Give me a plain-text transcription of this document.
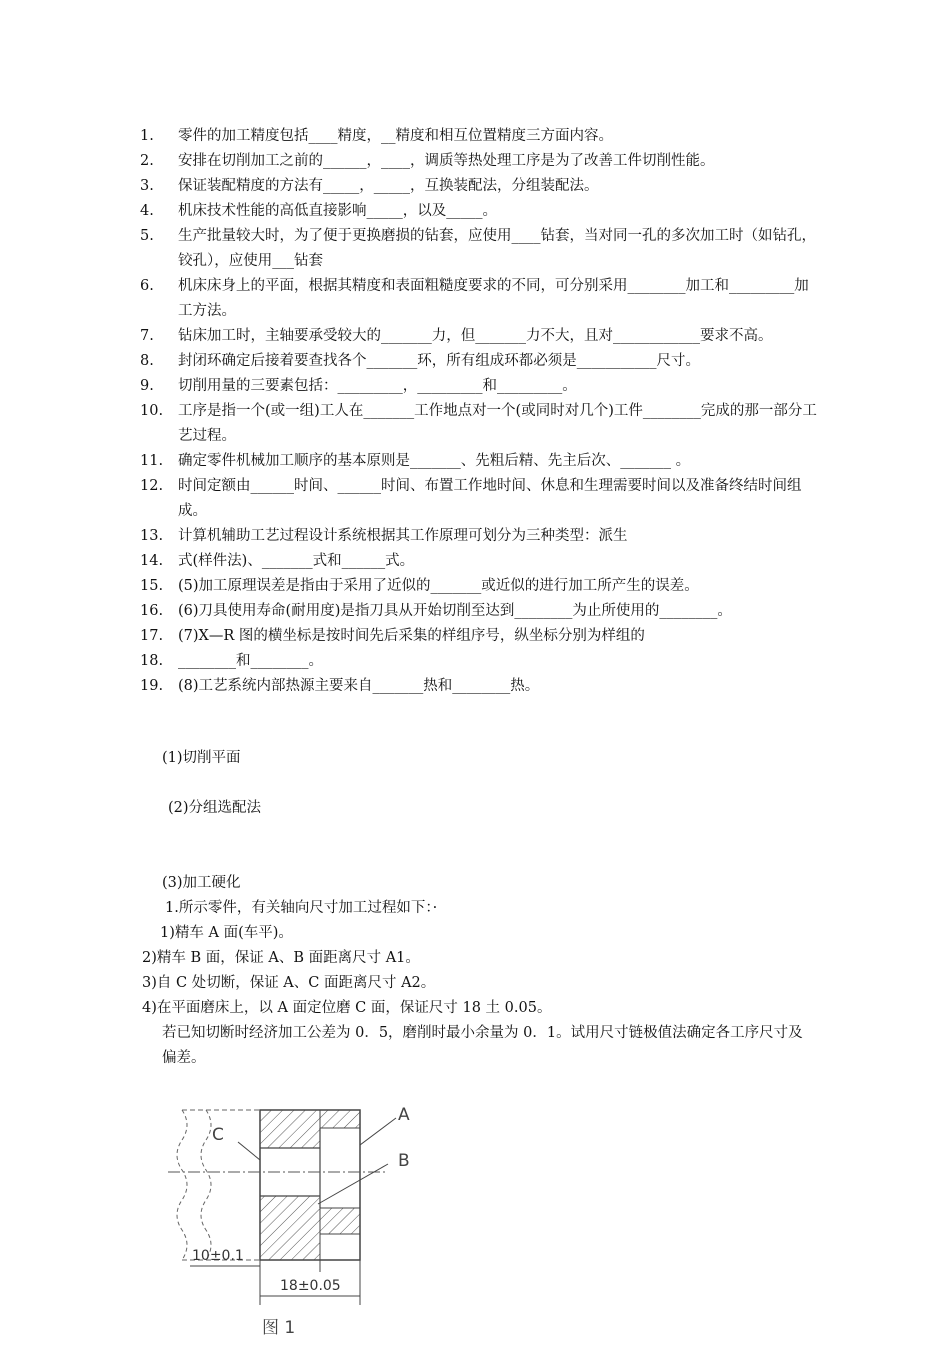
1.	零件的加工精度包括____精度，__精度和相互位置精度三方面内容。
2.	安排在切削加工之前的______，____，调质等热处理工序是为了改善工件切削性能。
3.	保证装配精度的方法有_____，_____，互换装配法，分组装配法。
4.	机床技术性能的高低直接影响_____，以及_____。
5.	生产批量较大时，为了便于更换磨损的钻套，应使用____钻套，当对同一孔的多次加工时（如钻孔，铰孔），应使用___钻套
6.	机床床身上的平面，根据其精度和表面粗糙度要求的不同，可分别采用________加工和_________加工方法。
7.	钻床加工时，主轴要承受较大的_______力，但_______力不大，且对____________要求不高。
8.	封闭环确定后接着要查找各个_______环，所有组成环都必须是___________尺寸。
9.	切削用量的三要素包括：_________，_________和_________。
10.	工序是指一个(或一组)工人在_______工作地点对一个(或同时对几个)工件________完成的那一部分工艺过程。
11.	确定零件机械加工顺序的基本原则是_______、先粗后精、先主后次、_______ 。
12.	时间定额由______时间、______时间、布置工作地时间、休息和生理需要时间以及准备终结时间组成。
13.	计算机辅助工艺过程设计系统根据其工作原理可划分为三种类型：派生
14.	式(样件法)、_______式和______式。
15.	(5)加工原理误差是指由于采用了近似的_______或近似的进行加工所产生的误差。
16.	(6)刀具使用寿命(耐用度)是指刀具从开始切削至达到________为止所使用的________。
17.	(7)X—R 图的横坐标是按时间先后采集的样组序号，纵坐标分别为样组的
18.	________和________。
19.	(8)工艺系统内部热源主要来自_______热和________热。
(1)切削平面
(2)分组选配法
(3)加工硬化
1.所示零件，有关轴向尺寸加工过程如下：·
1)精车 A 面(车平)。
2)精车 B 面，保证 A、B 面距离尺寸 A1。
3)自 C 处切断，保证 A、C 面距离尺寸 A2。
4)在平面磨床上，以 A 面定位磨 C 面，保证尺寸 18 土 0.05。
若已知切断时经济加工公差为 0．5，磨削时最小余量为 0．1。试用尺寸链极值法确定各工序尺寸及偏差。
C
A
B
10±0.1
18±0.05
图 1
